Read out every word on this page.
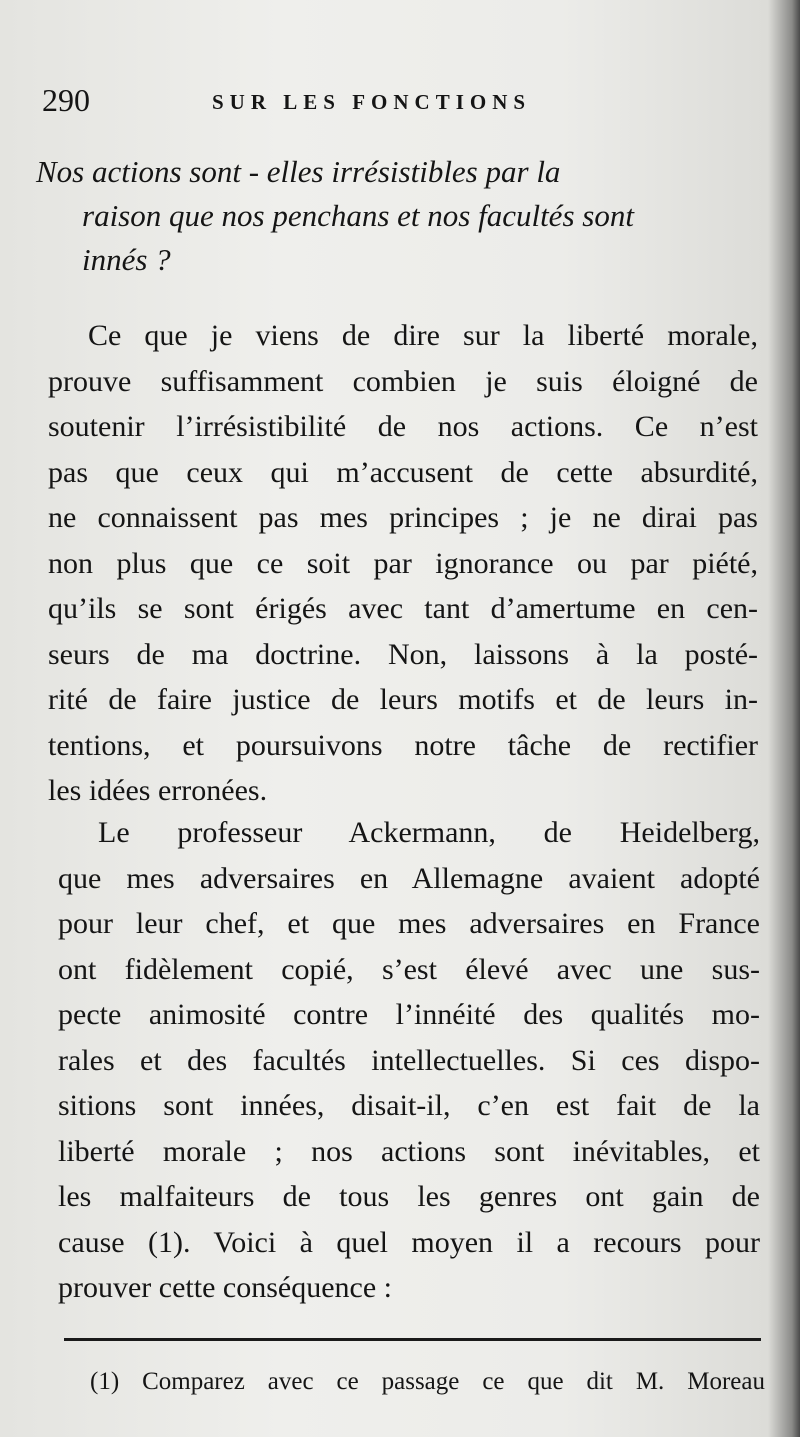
290	SUR LES FONCTIONS
Nos actions sont - elles irrésistibles par la
raison que nos penchans et nos facultés sont
innés ?
Ce que je viens de dire sur la liberté morale,
prouve suffisamment combien je suis éloigné de
soutenir l’irrésistibilité de nos actions. Ce n’est
pas que ceux qui m’accusent de cette absurdité,
ne connaissent pas mes principes ; je ne dirai pas
non plus que ce soit par ignorance ou par piété,
qu’ils se sont érigés avec tant d’amertume en cen-
seurs de ma doctrine. Non, laissons à la posté-
rité de faire justice de leurs motifs et de leurs in-
tentions, et poursuivons notre tâche de rectifier
les idées erronées.
Le professeur Ackermann, de Heidelberg,
que mes adversaires en Allemagne avaient adopté
pour leur chef, et que mes adversaires en France
ont fidèlement copié, s’est élevé avec une sus-
pecte animosité contre l’innéité des qualités mo-
rales et des facultés intellectuelles. Si ces dispo-
sitions sont innées, disait-il, c’en est fait de la
liberté morale ; nos actions sont inévitables, et
les malfaiteurs de tous les genres ont gain de
cause (1). Voici à quel moyen il a recours pour
prouver cette conséquence :
(1) Comparez avec ce passage ce que dit M. Moreau
